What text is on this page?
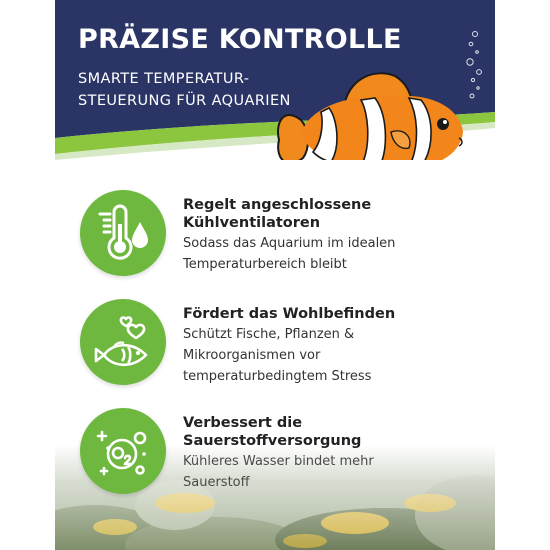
PRÄZISE KONTROLLE
SMARTE TEMPERATUR-
STEUERUNG FÜR AQUARIEN
Regelt angeschlossene
Kühlventilatoren
Sodass das Aquarium im idealen
Temperaturbereich bleibt
Fördert das Wohlbefinden
Schützt Fische, Pflanzen &
Mikroorganismen vor
temperaturbedingtem Stress
Verbessert die
Sauerstoffversorgung
Kühleres Wasser bindet mehr
Sauerstoff
